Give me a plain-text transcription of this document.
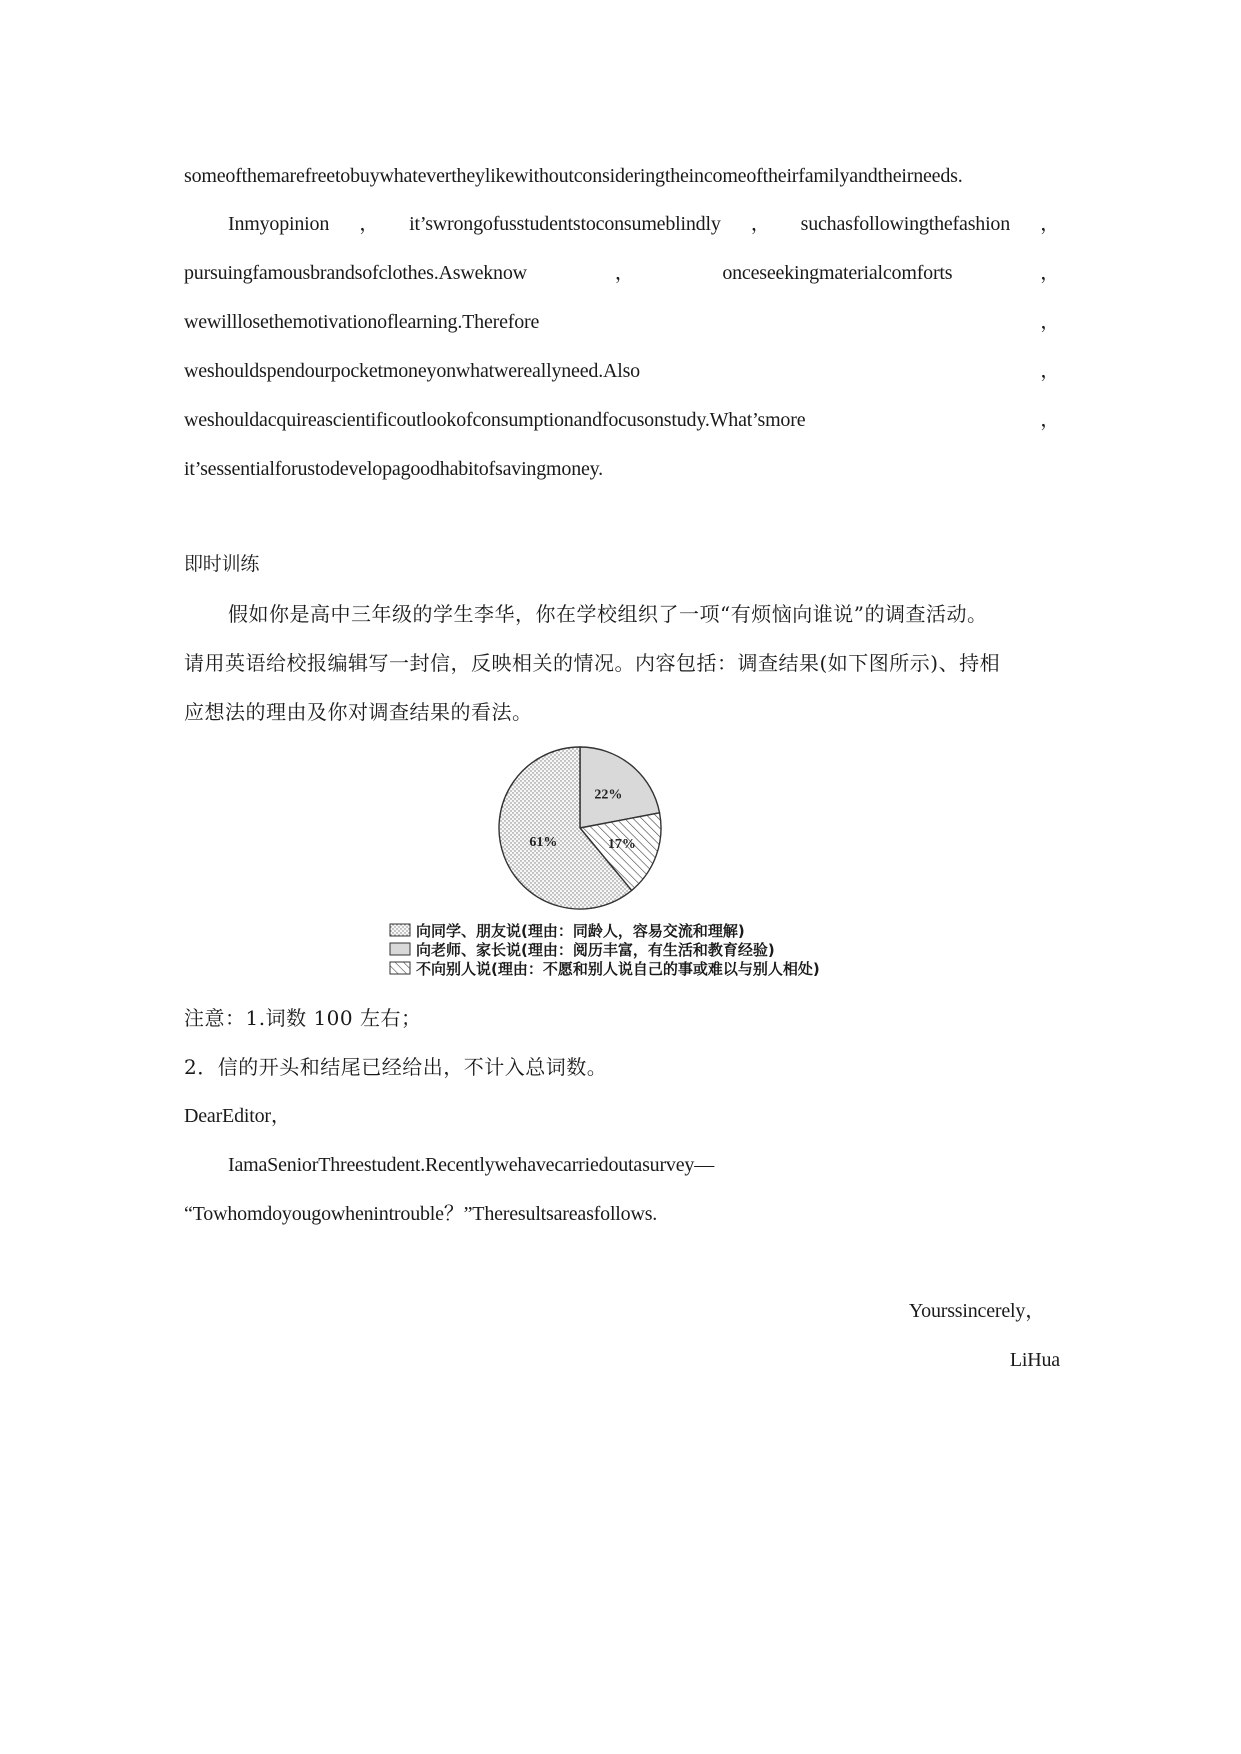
someofthemarefreetobuywhatevertheylikewithoutconsideringtheincomeoftheirfamilyandtheirneeds.
Inmyopinion ， it’swrongofusstudentstoconsumeblindly ， suchasfollowingthefashion ，
pursuingfamousbrandsofclothes.Asweknow	，	onceseekingmaterialcomforts	，
wewilllosethemotivationoflearning.Therefore	，
weshouldspendourpocketmoneyonwhatwereallyneed.Also	，
weshouldacquireascientificoutlookofconsumptionandfocusonstudy.What’smore	，
it’sessentialforustodevelopagoodhabitofsavingmoney.
即时训练
假如你是高中三年级的学生李华，你在学校组织了一项“有烦恼向谁说”的调查活动。
请用英语给校报编辑写一封信，反映相关的情况。内容包括：调查结果(如下图所示)、持相
应想法的理由及你对调查结果的看法。
22%
17%
61%
向同学、朋友说(理由：同龄人，容易交流和理解)
向老师、家长说(理由：阅历丰富，有生活和教育经验)
不向别人说(理由：不愿和别人说自己的事或难以与别人相处)
注意：1.词数 100 左右；
2．信的开头和结尾已经给出，不计入总词数。
DearEditor，
IamaSeniorThreestudent.Recentlywehavecarriedoutasurvey—
“Towhomdoyougowhenintrouble？”Theresultsareasfollows.
Yourssincerely，
LiHua
